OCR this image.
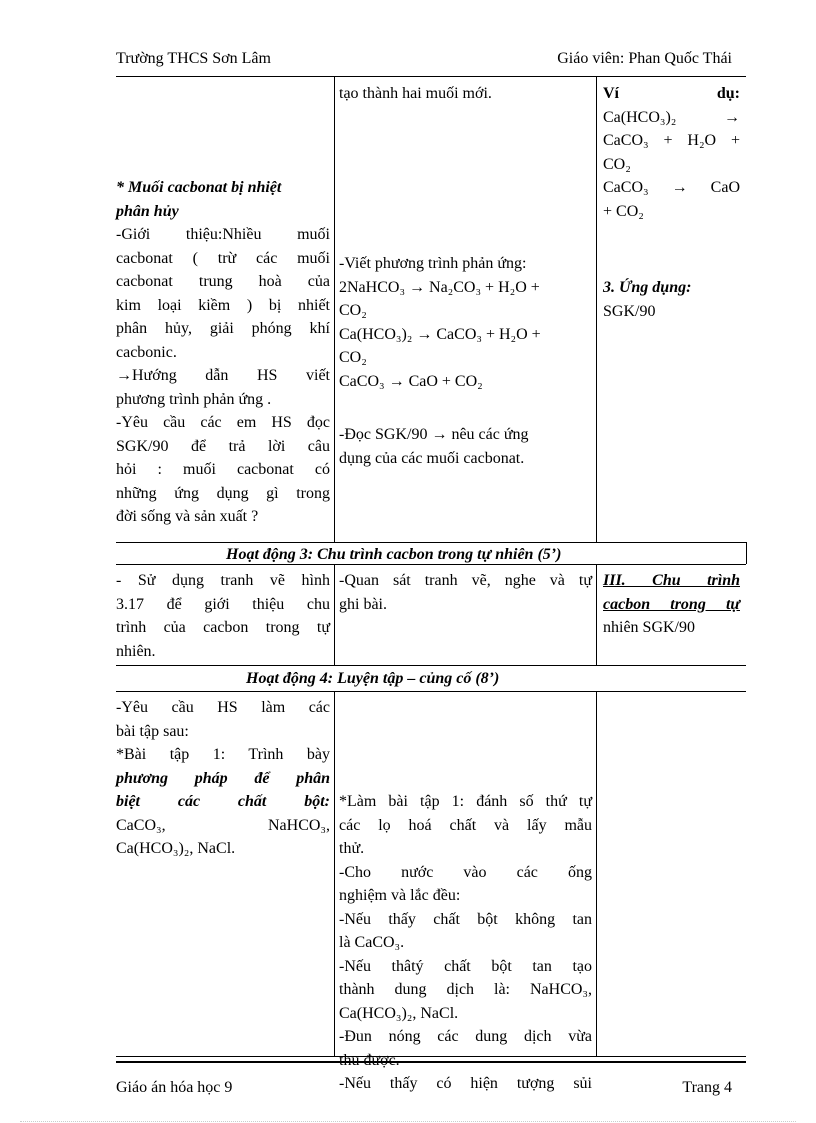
Trường THCS Sơn Lâm	Giáo viên: Phan Quốc Thái
* Muối cacbonat bị nhiệt
phân hủy
-Giới thiệu:Nhiều muối
cacbonat ( trừ các muối
cacbonat trung hoà của
kim loại kiềm ) bị nhiết
phân hủy, giải phóng khí
cacbonic.
→Hướng dẫn HS viết
phương trình phản ứng .
-Yêu cầu các em HS đọc
SGK/90 để trả lời câu
hỏi : muối cacbonat có
những ứng dụng gì trong
đời sống và sản xuất ?
tạo thành hai muối mới.
-Viết phương trình phản ứng:
2NaHCO₃ → Na₂CO₃ + H₂O +
CO₂
Ca(HCO₃)₂ → CaCO₃ + H₂O +
CO₂
CaCO₃ → CaO + CO₂
-Đọc SGK/90 → nêu các ứng
dụng của các muối cacbonat.
Ví dụ:
Ca(HCO₃)₂ →
CaCO₃ + H₂O +
CO₂
CaCO₃ → CaO
+ CO₂
3. Ứng dụng:
SGK/90
Hoạt động 3: Chu trình cacbon trong tự nhiên (5’)
- Sử dụng tranh vẽ hình
3.17 để giới thiệu chu
trình của cacbon trong tự
nhiên.
-Quan sát tranh vẽ, nghe và tự
ghi bài.
III. Chu trình
cacbon trong tự
nhiên SGK/90
Hoạt động 4: Luyện tập – củng cố (8’)
-Yêu cầu HS làm các
bài tập sau:
*Bài tập 1: Trình bày
phương pháp để phân
biệt các chất bột:
CaCO₃, NaHCO₃,
Ca(HCO₃)₂, NaCl.
*Làm bài tập 1: đánh số thứ tự
các lọ hoá chất và lấy mẫu
thử.
-Cho nước vào các ống
nghiệm và lắc đều:
-Nếu thấy chất bột không tan
là CaCO₃.
-Nếu thâtý chất bột tan tạo
thành dung dịch là: NaHCO₃,
Ca(HCO₃)₂, NaCl.
-Đun nóng các dung dịch vừa
thu được.
-Nếu thấy có hiện tượng sủi
Giáo án hóa học 9	Trang 4
